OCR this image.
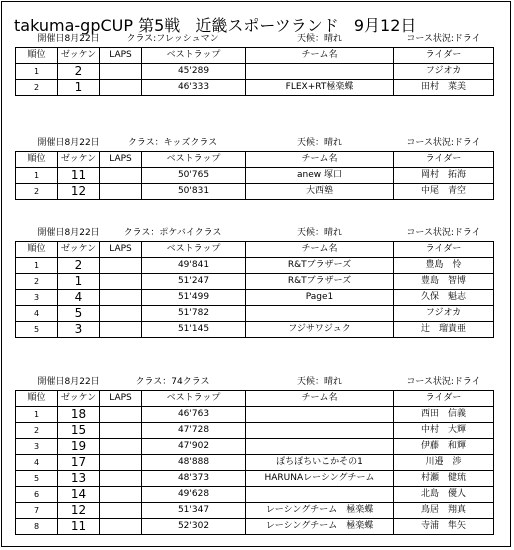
takuma-gpCUP 第5戦 近畿スポーツランド 9月12日
開催日8月22日		クラス:フレッシュマン		天候：晴れ	コース状況:ドライ
順位	ゼッケン	LAPS	ベストラップ	チーム名	ライダー
1	2		45'289		フジオカ
2	1		46'333	FLEX+RT極楽蝶	田村　菜美
開催日8月22日		クラス：キッズクラス		天候：晴れ	コース状況:ドライ
順位	ゼッケン	LAPS	ベストラップ	チーム名	ライダー
1	11		50'765	anew 塚口	岡村　拓海
2	12		50'831	大西塾	中尾　青空
開催日8月22日		クラス：ポケバイクラス		天候：晴れ	コース状況:ドライ
順位	ゼッケン	LAPS	ベストラップ	チーム名	ライダー
1	2		49'841	R&Tブラザーズ	豊島　怜
2	1		51'247	R&Tブラザーズ	豊島　智博
3	4		51'499	Page1	久保　魁志
4	5		51'782		フジオカ
5	3		51'145	フジサワジュク	辻　瑠貴亜
開催日8月22日		クラス：74クラス		天候：晴れ	コース状況:ドライ
順位	ゼッケン	LAPS	ベストラップ	チーム名	ライダー
1	18		46'763		西田　信義
2	15		47'728		中村　大輝
3	19		47'902		伊藤　和輝
4	17		48'888	ぽちぽちいこかその1	川邉　渉
5	13		48'373	HARUNAレーシングチーム	村瀬　健琉
6	14		49'628		北島　優人
7	12		51'347	レーシングチーム　極楽蝶	鳥居　翔真
8	11		52'302	レーシングチーム　極楽蝶	寺浦　隼矢
